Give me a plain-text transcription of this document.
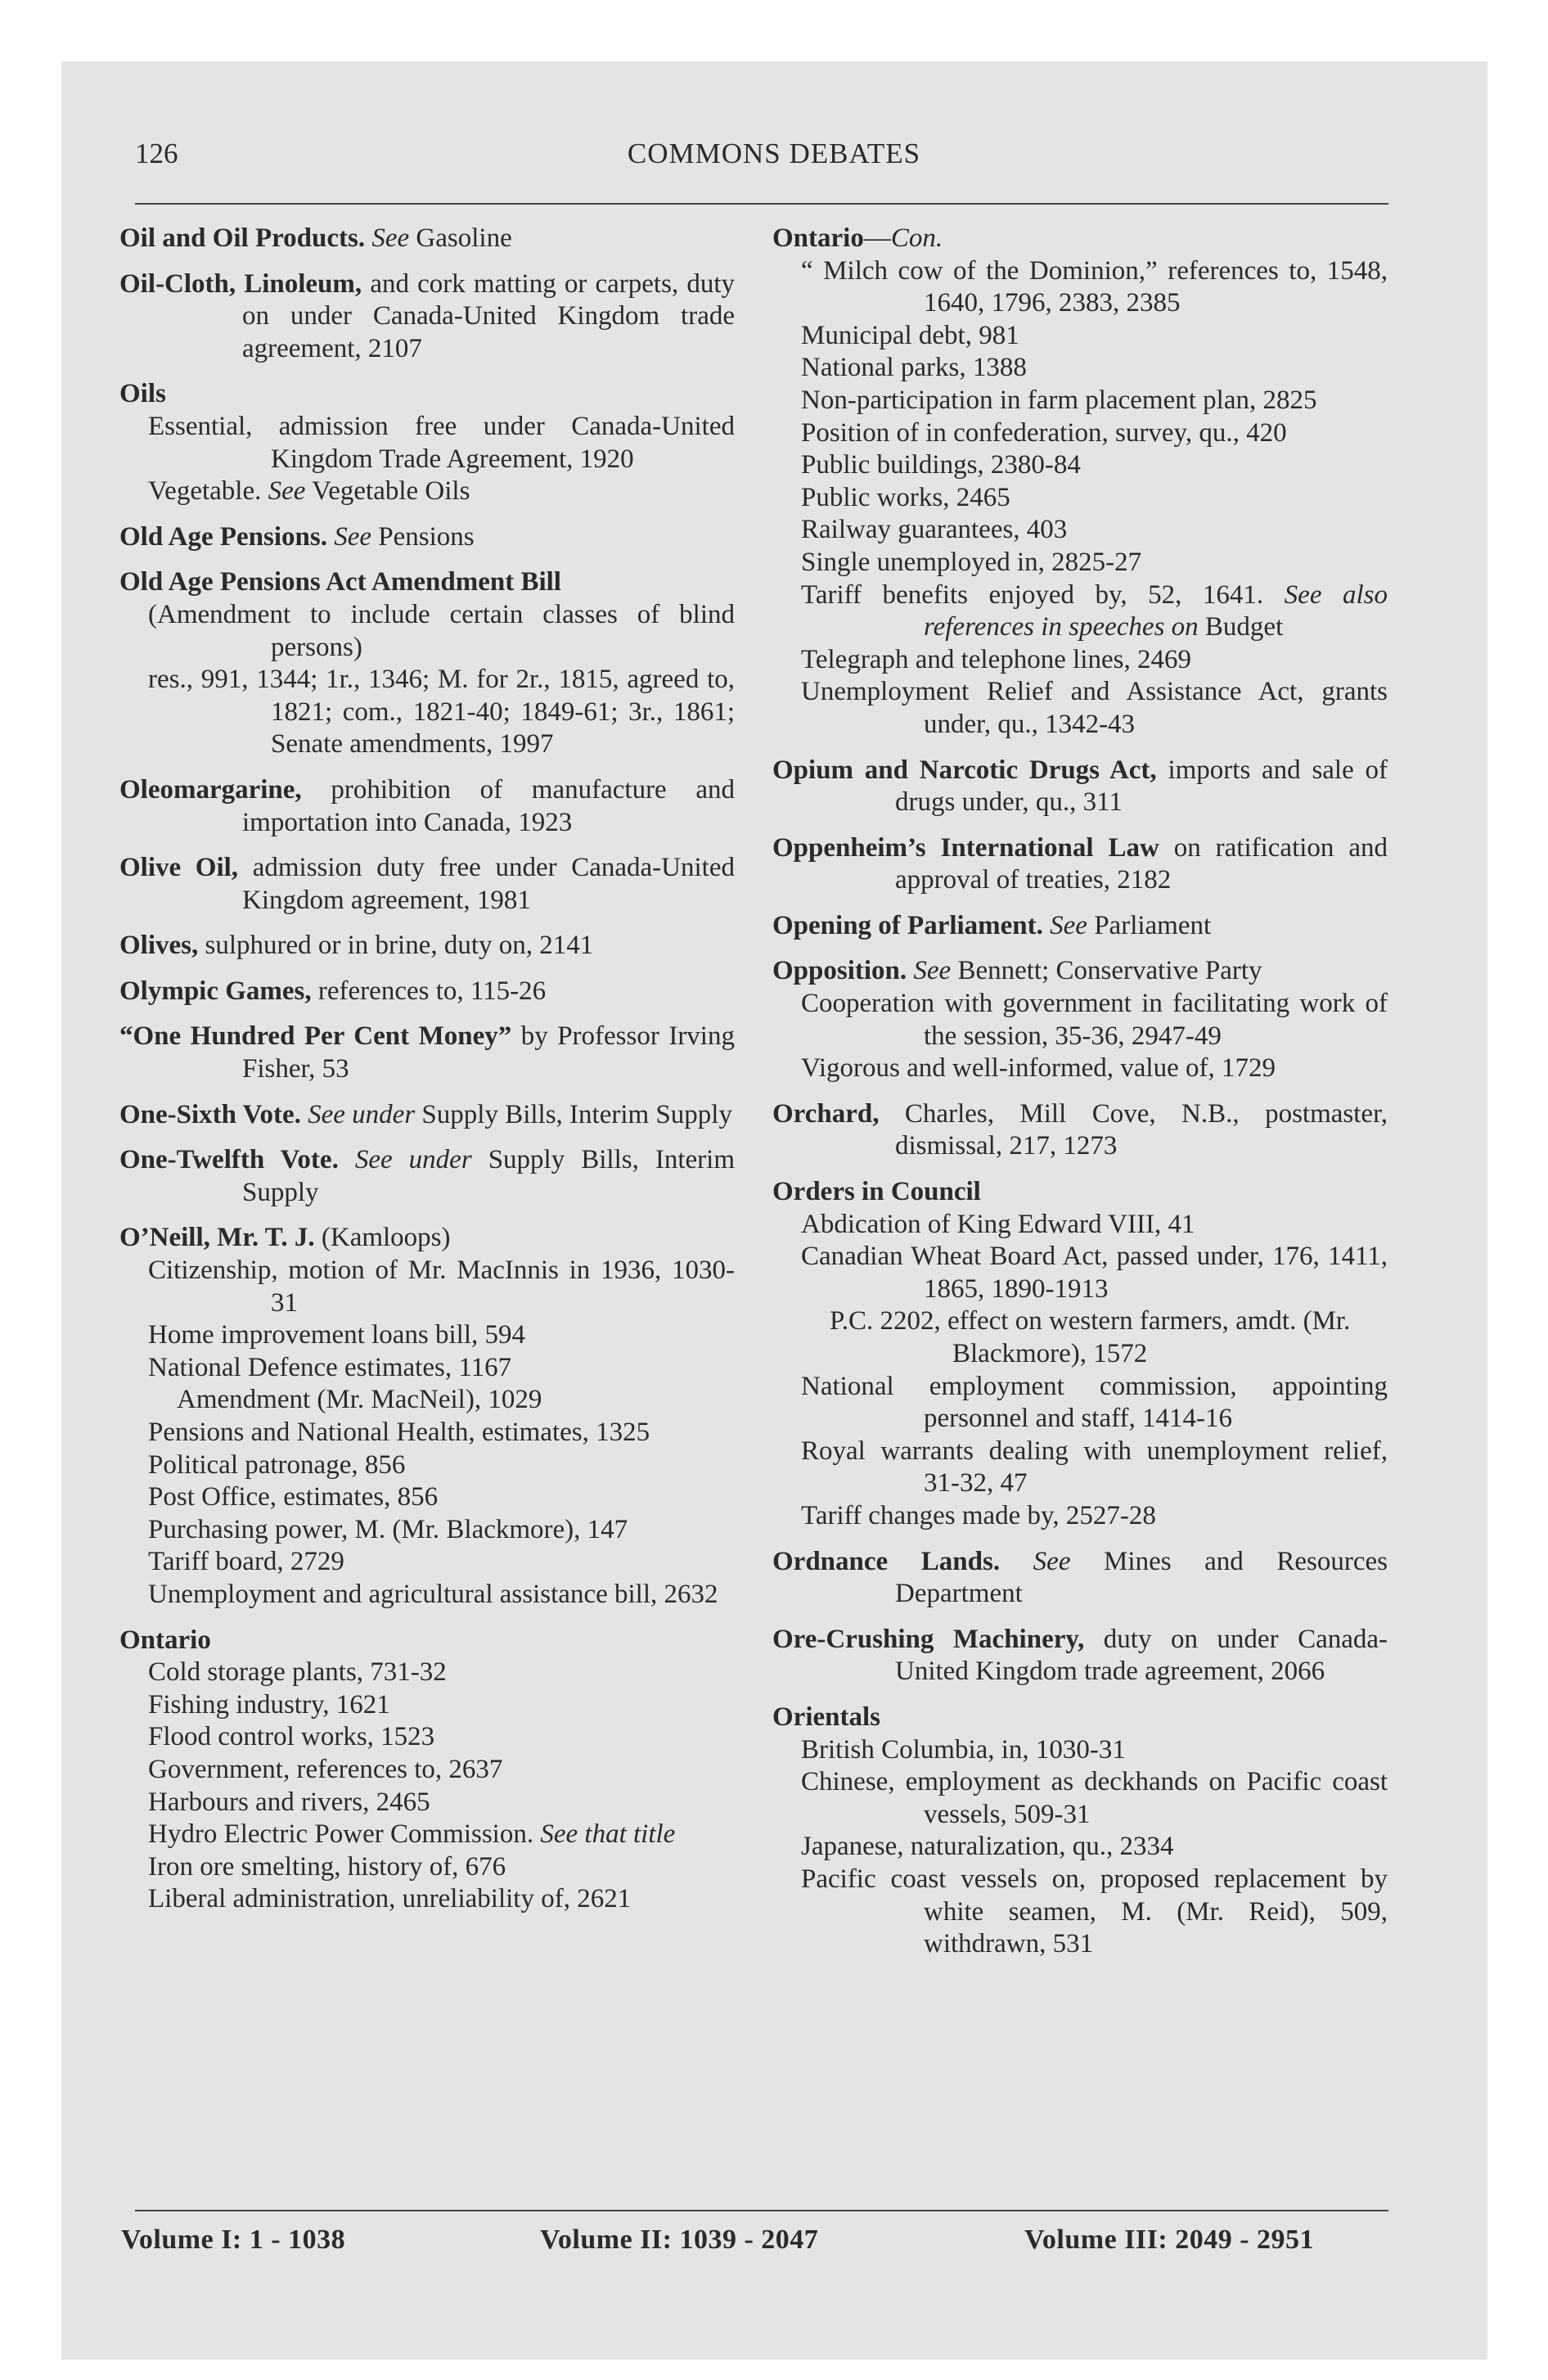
COMMONS DEBATES
126
Oil and Oil Products. See Gasoline
Oil-Cloth, Linoleum, and cork matting or carpets, duty on under Canada-United Kingdom trade agreement, 2107
Oils
Essential, admission free under Canada-United Kingdom Trade Agreement, 1920
Vegetable. See Vegetable Oils
Old Age Pensions. See Pensions
Old Age Pensions Act Amendment Bill
(Amendment to include certain classes of blind persons)
res., 991, 1344; 1r., 1346; M. for 2r., 1815, agreed to, 1821; com., 1821-40; 1849-61; 3r., 1861; Senate amendments, 1997
Oleomargarine, prohibition of manufacture and importation into Canada, 1923
Olive Oil, admission duty free under Canada-United Kingdom agreement, 1981
Olives, sulphured or in brine, duty on, 2141
Olympic Games, references to, 115-26
“One Hundred Per Cent Money” by Professor Irving Fisher, 53
One-Sixth Vote. See under Supply Bills, Interim Supply
One-Twelfth Vote. See under Supply Bills, Interim Supply
O’Neill, Mr. T. J. (Kamloops)
Citizenship, motion of Mr. MacInnis in 1936, 1030-31
Home improvement loans bill, 594
National Defence estimates, 1167
Amendment (Mr. MacNeil), 1029
Pensions and National Health, estimates, 1325
Political patronage, 856
Post Office, estimates, 856
Purchasing power, M. (Mr. Blackmore), 147
Tariff board, 2729
Unemployment and agricultural assistance bill, 2632
Ontario
Cold storage plants, 731-32
Fishing industry, 1621
Flood control works, 1523
Government, references to, 2637
Harbours and rivers, 2465
Hydro Electric Power Commission. See that title
Iron ore smelting, history of, 676
Liberal administration, unreliability of, 2621
Ontario—Con.
“ Milch cow of the Dominion,” references to, 1548, 1640, 1796, 2383, 2385
Municipal debt, 981
National parks, 1388
Non-participation in farm placement plan, 2825
Position of in confederation, survey, qu., 420
Public buildings, 2380-84
Public works, 2465
Railway guarantees, 403
Single unemployed in, 2825-27
Tariff benefits enjoyed by, 52, 1641. See also references in speeches on Budget
Telegraph and telephone lines, 2469
Unemployment Relief and Assistance Act, grants under, qu., 1342-43
Opium and Narcotic Drugs Act, imports and sale of drugs under, qu., 311
Oppenheim’s International Law on ratification and approval of treaties, 2182
Opening of Parliament. See Parliament
Opposition. See Bennett; Conservative Party
Cooperation with government in facilitating work of the session, 35-36, 2947-49
Vigorous and well-informed, value of, 1729
Orchard, Charles, Mill Cove, N.B., postmaster, dismissal, 217, 1273
Orders in Council
Abdication of King Edward VIII, 41
Canadian Wheat Board Act, passed under, 176, 1411, 1865, 1890-1913
P.C. 2202, effect on western farmers, amdt. (Mr. Blackmore), 1572
National employment commission, appointing personnel and staff, 1414-16
Royal warrants dealing with unemployment relief, 31-32, 47
Tariff changes made by, 2527-28
Ordnance Lands. See Mines and Resources Department
Ore-Crushing Machinery, duty on under Canada-United Kingdom trade agreement, 2066
Orientals
British Columbia, in, 1030-31
Chinese, employment as deckhands on Pacific coast vessels, 509-31
Japanese, naturalization, qu., 2334
Pacific coast vessels on, proposed replacement by white seamen, M. (Mr. Reid), 509, withdrawn, 531
Volume I: 1 - 1038	Volume II: 1039 - 2047	Volume III: 2049 - 2951
